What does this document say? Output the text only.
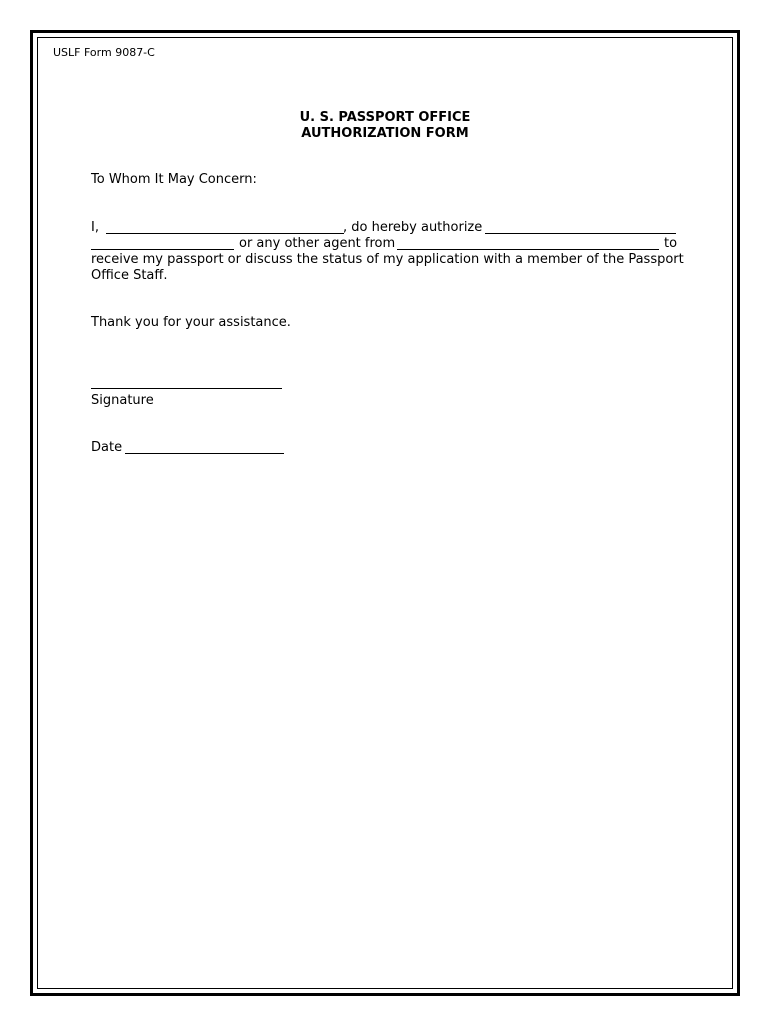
USLF Form 9087-C
U. S. PASSPORT OFFICE
AUTHORIZATION FORM
To Whom It May Concern:
I,	, do hereby authorize
or any other agent from	to
receive my passport or discuss the status of my application with a member of the Passport
Office Staff.
Thank you for your assistance.
Signature
Date
